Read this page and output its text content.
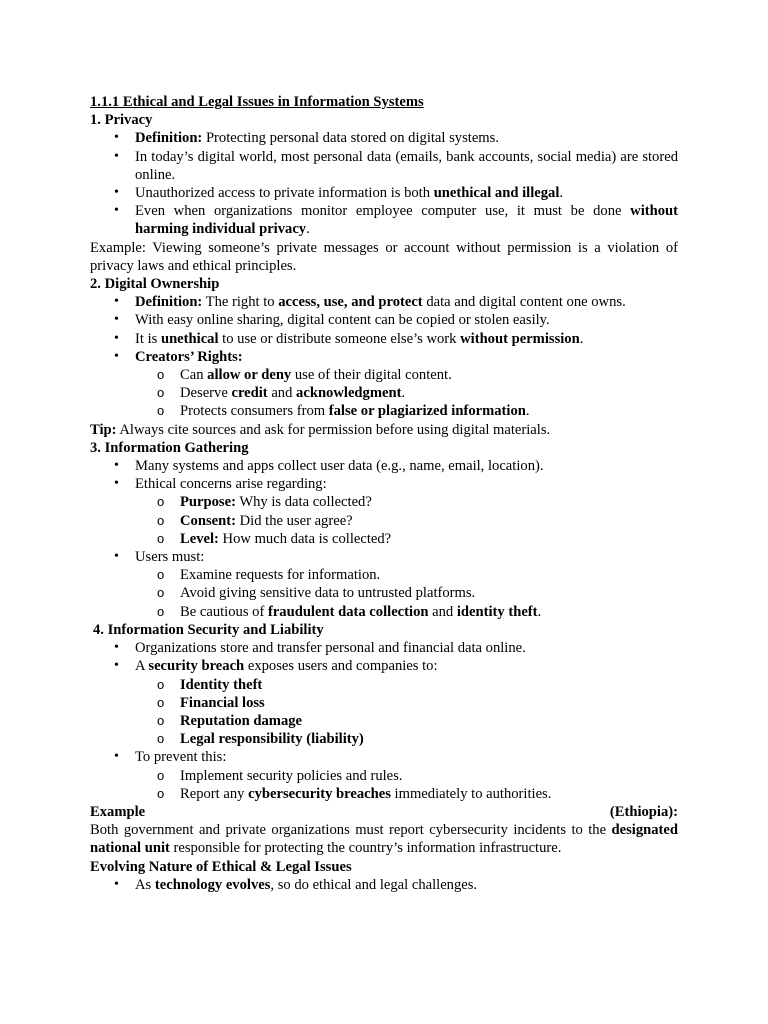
1.1.1 Ethical and Legal Issues in Information Systems
1. Privacy
• Definition: Protecting personal data stored on digital systems.
• In today’s digital world, most personal data (emails, bank accounts, social media) are stored online.
• Unauthorized access to private information is both unethical and illegal.
• Even when organizations monitor employee computer use, it must be done without harming individual privacy.
Example: Viewing someone’s private messages or account without permission is a violation of privacy laws and ethical principles.
2. Digital Ownership
• Definition: The right to access, use, and protect data and digital content one owns.
• With easy online sharing, digital content can be copied or stolen easily.
• It is unethical to use or distribute someone else’s work without permission.
• Creators’ Rights:
o Can allow or deny use of their digital content.
o Deserve credit and acknowledgment.
o Protects consumers from false or plagiarized information.
Tip: Always cite sources and ask for permission before using digital materials.
3. Information Gathering
• Many systems and apps collect user data (e.g., name, email, location).
• Ethical concerns arise regarding:
o Purpose: Why is data collected?
o Consent: Did the user agree?
o Level: How much data is collected?
• Users must:
o Examine requests for information.
o Avoid giving sensitive data to untrusted platforms.
o Be cautious of fraudulent data collection and identity theft.
4. Information Security and Liability
• Organizations store and transfer personal and financial data online.
• A security breach exposes users and companies to:
o Identity theft
o Financial loss
o Reputation damage
o Legal responsibility (liability)
• To prevent this:
o Implement security policies and rules.
o Report any cybersecurity breaches immediately to authorities.
Example	(Ethiopia):
Both government and private organizations must report cybersecurity incidents to the designated national unit responsible for protecting the country’s information infrastructure.
Evolving Nature of Ethical & Legal Issues
• As technology evolves, so do ethical and legal challenges.
